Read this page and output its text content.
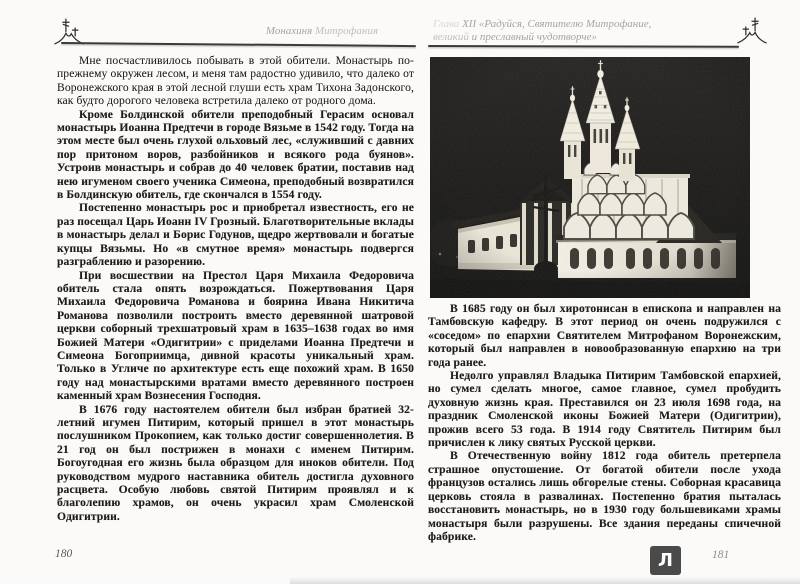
Монахиня Митрофания
Глава XII «Радуйся, Святителю Митрофание,
великий и преславный чудотворче»

Мне посчастливилось побывать в этой обители. Монастырь по-прежнему окружен лесом, и меня там радостно удивило, что далеко от Воронежского края в этой лесной глуши есть храм Тихона Задонского, как будто дорогого человека встретила далеко от родного дома.

Кроме Болдинской обители преподобный Герасим основал монастырь Иоанна Предтечи в городе Вязьме в 1542 году. Тогда на этом месте был очень глухой ольховый лес, «служивший с давних пор притоном воров, разбойников и всякого рода буянов». Устроив монастырь и собрав до 40 человек братии, поставив над нею игуменом своего ученика Симеона, преподобный возвратился в Болдинскую обитель, где скончался в 1554 году.

Постепенно монастырь рос и приобретал известность, его не раз посещал Царь Иоанн IV Грозный. Благотворительные вклады в монастырь делал и Борис Годунов, щедро жертвовали и богатые купцы Вязьмы. Но «в смутное время» монастырь подвергся разграблению и разорению.

При восшествии на Престол Царя Михаила Федоровича обитель стала опять возрождаться. Пожертвования Царя Михаила Федоровича Романова и боярина Ивана Никитича Романова позволили построить вместо деревянной шатровой церкви соборный трехшатровый храм в 1635–1638 годах во имя Божией Матери «Одигитрии» с приделами Иоанна Предтечи и Симеона Богоприимца, дивной красоты уникальный храм. Только в Угличе по архитектуре есть еще похожий храм. В 1650 году над монастырскими вратами вместо деревянного построен каменный храм Вознесения Господня.

В 1676 году настоятелем обители был избран братией 32-летний игумен Питирим, который пришел в этот монастырь послушником Прокопием, как только достиг совершеннолетия. В 21 год он был пострижен в монахи с именем Питирим. Богоугодная его жизнь была образцом для иноков обители. Под руководством мудрого наставника обитель достигла духовного расцвета. Особую любовь святой Питирим проявлял и к благолепию храмов, он очень украсил храм Смоленской Одигитрии.

В 1685 году он был хиротонисан в епископа и направлен на Тамбовскую кафедру. В этот период он очень подружился с «соседом» по епархии Святителем Митрофаном Воронежским, который был направлен в новообразованную епархию на три года ранее.

Недолго управлял Владыка Питирим Тамбовской епархией, но сумел сделать многое, самое главное, сумел пробудить духовную жизнь края. Преставился он 23 июля 1698 года, на праздник Смоленской иконы Божией Матери (Одигитрии), прожив всего 53 года. В 1914 году Святитель Питирим был причислен к лику святых Русской церкви.

В Отечественную войну 1812 года обитель претерпела страшное опустошение. От богатой обители после ухода французов остались лишь обгорелые стены. Соборная красавица церковь стояла в развалинах. Постепенно братия пыталась восстановить монастырь, но в 1930 году большевиками храмы монастыря были разрушены. Все здания переданы спичечной фабрике.

180	Л	181
